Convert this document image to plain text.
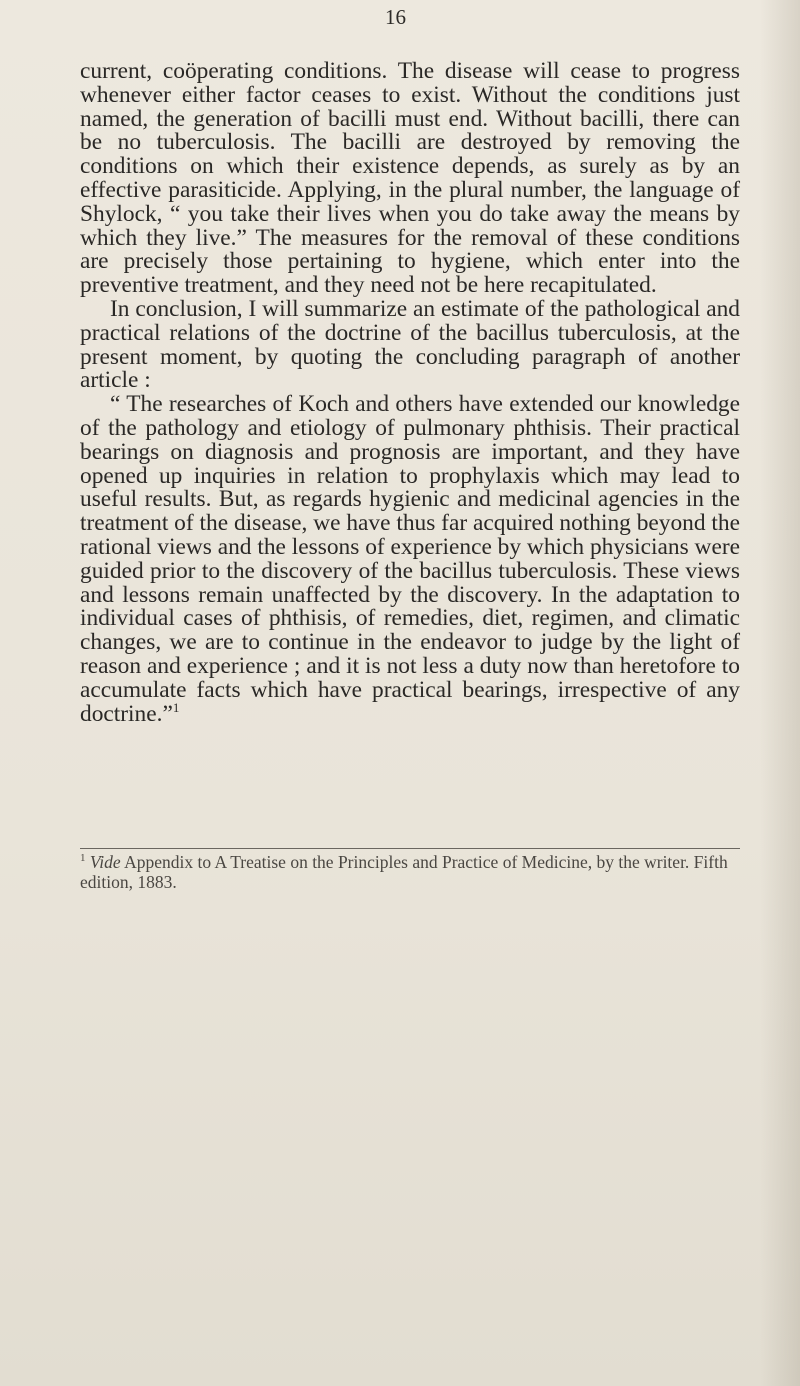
16

current, coöperating conditions. The disease will cease to progress whenever either factor ceases to exist. Without the conditions just named, the generation of bacilli must end. Without bacilli, there can be no tuberculosis. The bacilli are destroyed by removing the conditions on which their existence depends, as surely as by an effective parasiticide. Applying, in the plural number, the language of Shylock, “ you take their lives when you do take away the means by which they live.” The measures for the removal of these conditions are precisely those pertaining to hygiene, which enter into the preventive treatment, and they need not be here recapitulated.

In conclusion, I will summarize an estimate of the pathological and practical relations of the doctrine of the bacillus tuberculosis, at the present moment, by quoting the concluding paragraph of another article :

“ The researches of Koch and others have extended our knowledge of the pathology and etiology of pulmonary phthisis. Their practical bearings on diagnosis and prognosis are important, and they have opened up inquiries in relation to prophylaxis which may lead to useful results. But, as regards hygienic and medicinal agencies in the treatment of the disease, we have thus far acquired nothing beyond the rational views and the lessons of experience by which physicians were guided prior to the discovery of the bacillus tuberculosis. These views and lessons remain unaffected by the discovery. In the adaptation to individual cases of phthisis, of remedies, diet, regimen, and climatic changes, we are to continue in the endeavor to judge by the light of reason and experience ; and it is not less a duty now than heretofore to accumulate facts which have practical bearings, irrespective of any doctrine.”$^1$

$^1$ Vide Appendix to A Treatise on the Principles and Practice of Medicine, by the writer. Fifth edition, 1883.
